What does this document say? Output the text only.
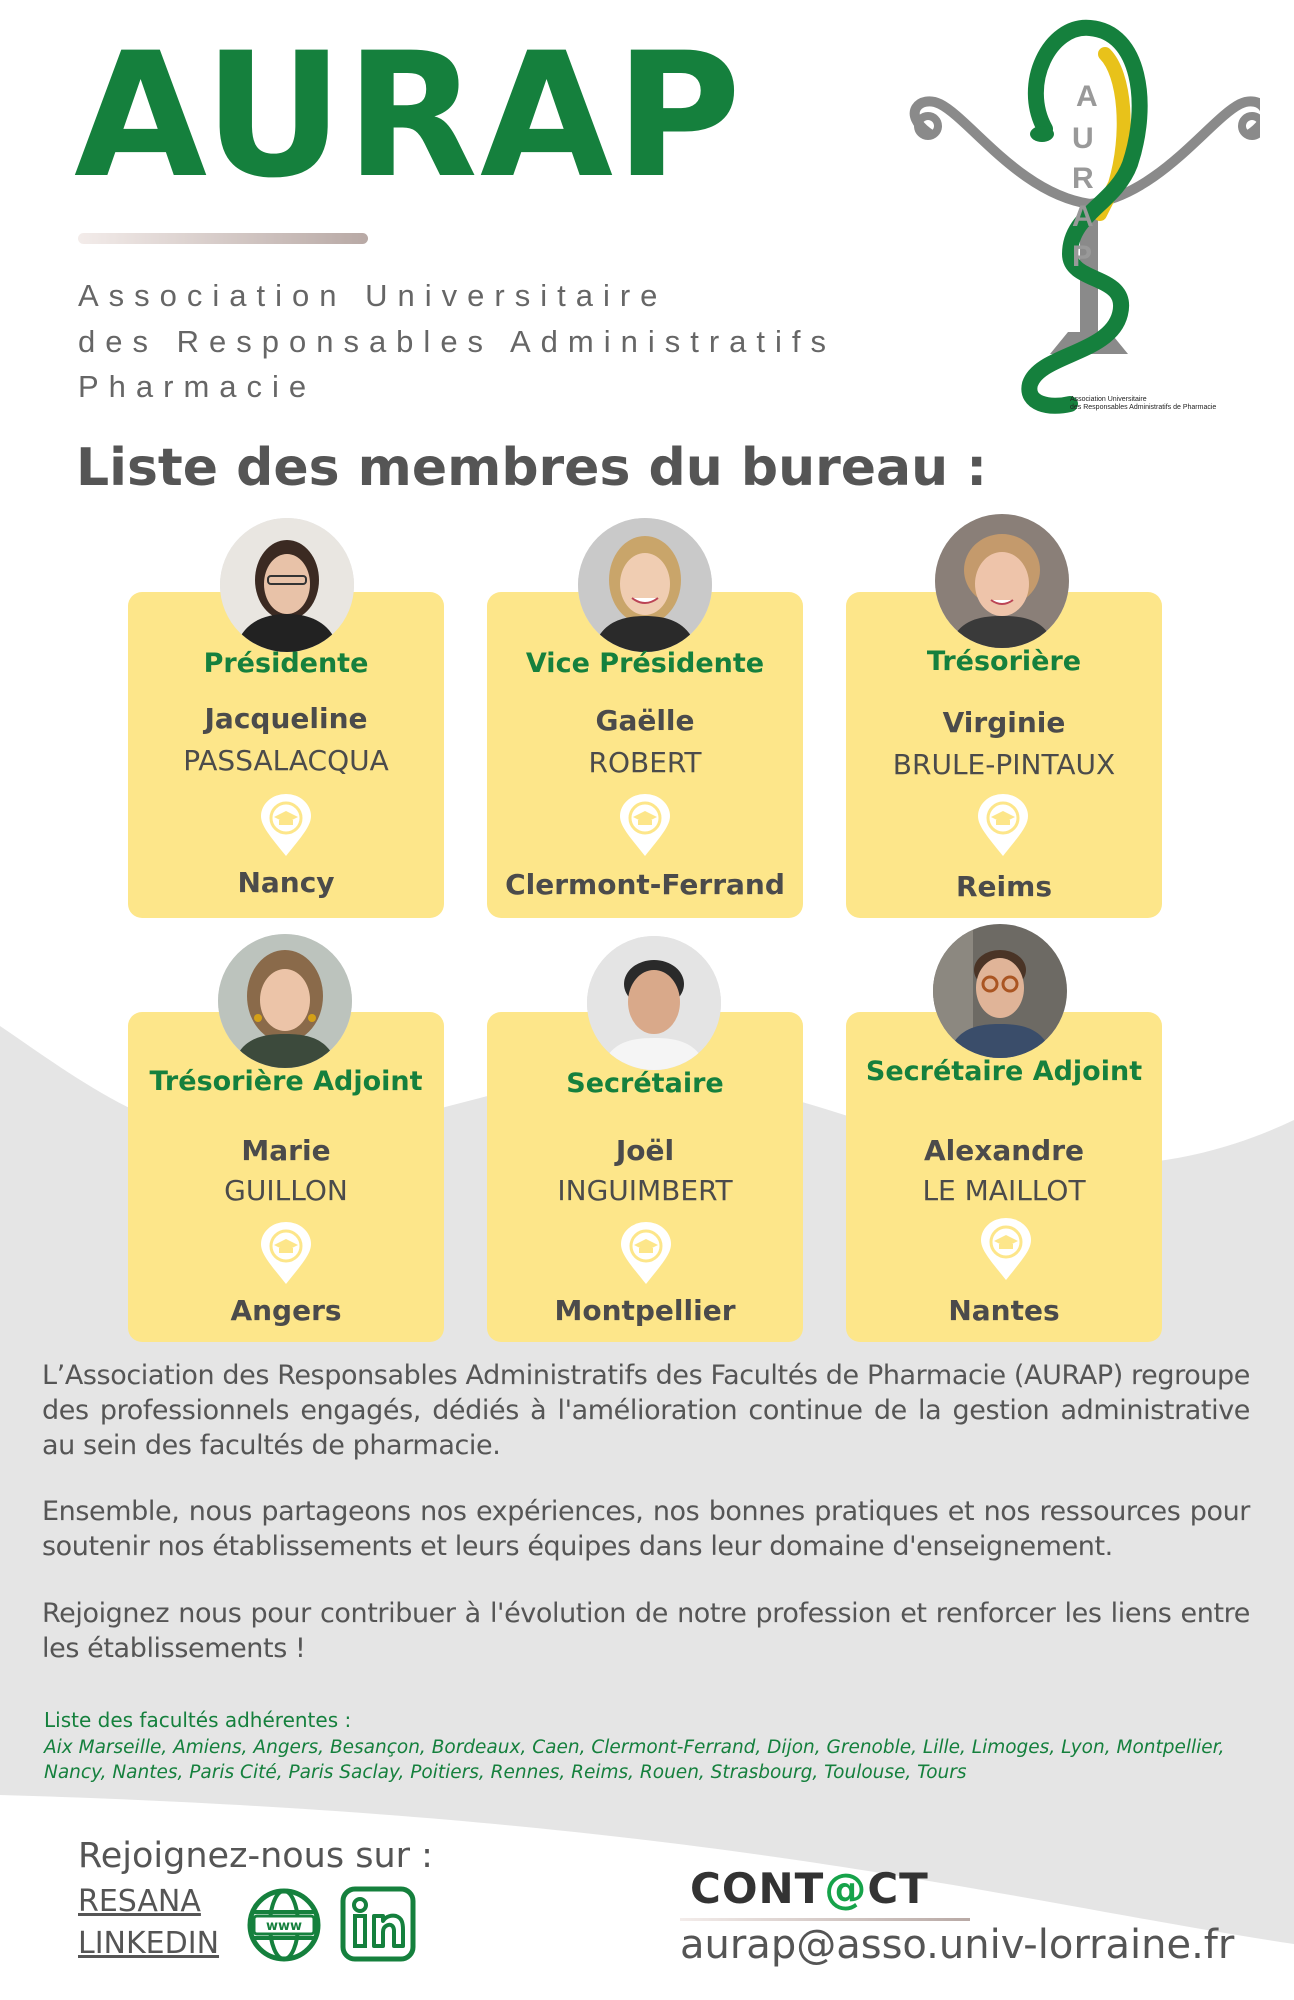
AURAP
Association Universitaire
des Responsables Administratifs
Pharmacie
A
U
R
A
P
Association Universitaire
des Responsables Administratifs de Pharmacie
Liste des membres du bureau :
Présidente
Jacqueline
PASSALACQUA
Nancy
Vice Présidente
Gaëlle
ROBERT
Clermont-Ferrand
Trésorière
Virginie
BRULE-PINTAUX
Reims
Trésorière Adjoint
Marie
GUILLON
Angers
Secrétaire
Joël
INGUIMBERT
Montpellier
Secrétaire Adjoint
Alexandre
LE MAILLOT
Nantes

L’Association des Responsables Administratifs des Facultés de Pharmacie (AURAP) regroupe des professionnels engagés, dédiés à l'amélioration continue de la gestion administrative au sein des facultés de pharmacie.

Ensemble, nous partageons nos expériences, nos bonnes pratiques et nos ressources pour soutenir nos établissements et leurs équipes dans leur domaine d'enseignement.

Rejoignez nous pour contribuer à l'évolution de notre profession et renforcer les liens entre les établissements !

Liste des facultés adhérentes :
Aix Marseille, Amiens, Angers, Besançon, Bordeaux, Caen, Clermont-Ferrand, Dijon, Grenoble, Lille, Limoges, Lyon, Montpellier, Nancy, Nantes, Paris Cité, Paris Saclay, Poitiers, Rennes, Reims, Rouen, Strasbourg, Toulouse, Tours
Rejoignez-nous sur :
RESANA
LINKEDIN	www
CONT@CT
aurap@asso.univ-lorraine.fr
